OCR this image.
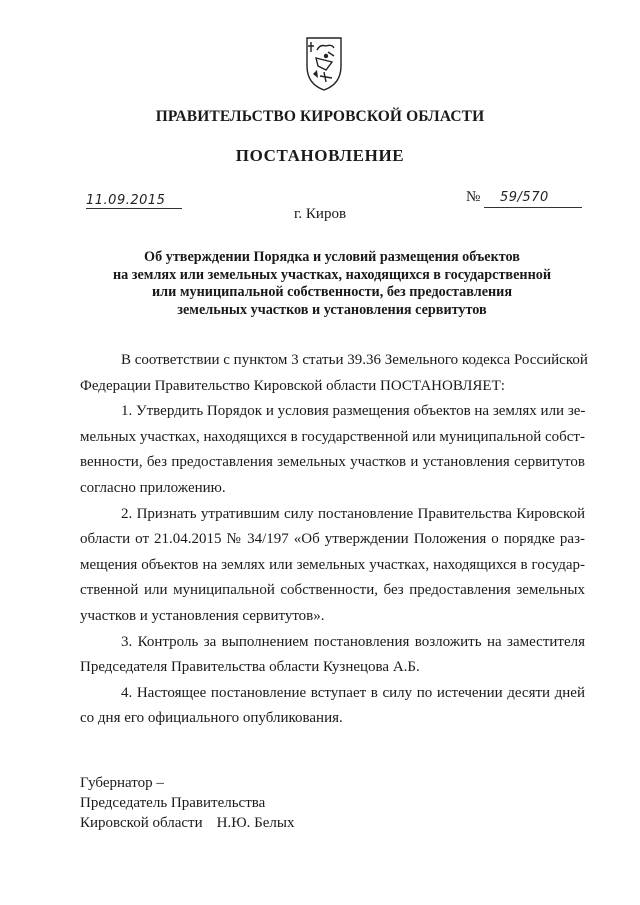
ПРАВИТЕЛЬСТВО КИРОВСКОЙ ОБЛАСТИ
ПОСТАНОВЛЕНИЕ
11.09.2015	№ 59/570
г. Киров
Об утверждении Порядка и условий размещения объектов
на землях или земельных участках, находящихся в государственной
или муниципальной собственности, без предоставления
земельных участков и установления сервитутов
В соответствии с пунктом 3 статьи 39.36 Земельного кодекса Российской
Федерации Правительство Кировской области ПОСТАНОВЛЯЕТ:
1. Утвердить Порядок и условия размещения объектов на землях или зе-
мельных участках, находящихся в государственной или муниципальной собст-
венности, без предоставления земельных участков и установления сервитутов
согласно приложению.
2. Признать утратившим силу постановление Правительства Кировской
области от 21.04.2015 № 34/197 «Об утверждении Положения о порядке раз-
мещения объектов на землях или земельных участках, находящихся в государ-
ственной или муниципальной собственности, без предоставления земельных
участков и установления сервитутов».
3. Контроль за выполнением постановления возложить на заместителя
Председателя Правительства области Кузнецова А.Б.
4. Настоящее постановление вступает в силу по истечении десяти дней
со дня его официального опубликования.
Губернатор –
Председатель Правительства
Кировской области Н.Ю. Белых
